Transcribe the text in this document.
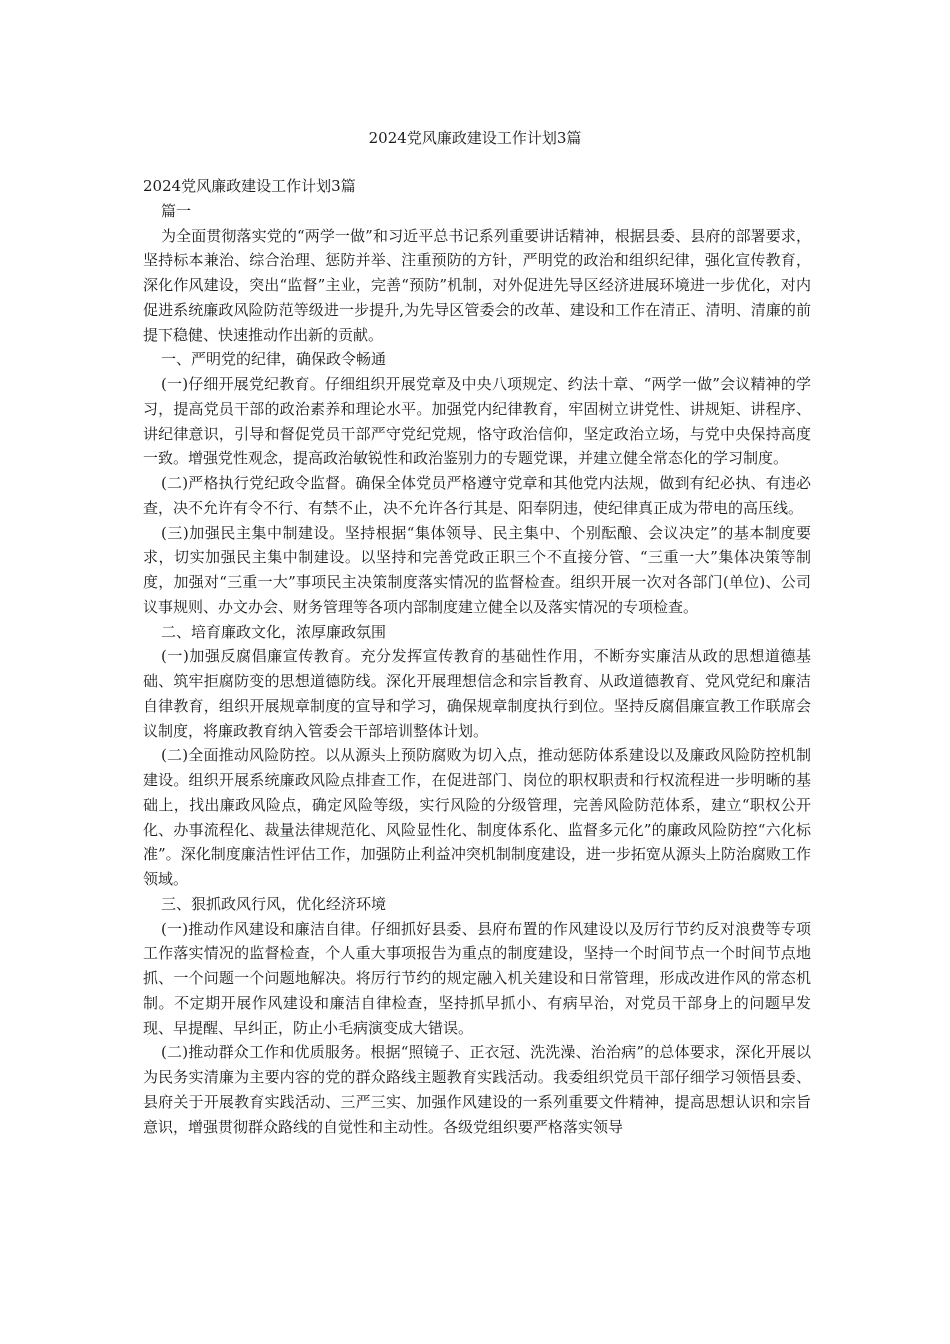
2024党风廉政建设工作计划3篇

2024党风廉政建设工作计划3篇

篇一

为全面贯彻落实党的“两学一做”和习近平总书记系列重要讲话精神，根据县委、县府的部署要求，坚持标本兼治、综合治理、惩防并举、注重预防的方针，严明党的政治和组织纪律，强化宣传教育，深化作风建设，突出“监督”主业，完善“预防”机制，对外促进先导区经济进展环境进一步优化，对内促进系统廉政风险防范等级进一步提升,为先导区管委会的改革、建设和工作在清正、清明、清廉的前提下稳健、快速推动作出新的贡献。

一、严明党的纪律，确保政令畅通

(一)仔细开展党纪教育。仔细组织开展党章及中央八项规定、约法十章、“两学一做”会议精神的学习，提高党员干部的政治素养和理论水平。加强党内纪律教育，牢固树立讲党性、讲规矩、讲程序、讲纪律意识，引导和督促党员干部严守党纪党规，恪守政治信仰，坚定政治立场，与党中央保持高度一致。增强党性观念，提高政治敏锐性和政治鉴别力的专题党课，并建立健全常态化的学习制度。

(二)严格执行党纪政令监督。确保全体党员严格遵守党章和其他党内法规，做到有纪必执、有违必查，决不允许有令不行、有禁不止，决不允许各行其是、阳奉阴违，使纪律真正成为带电的高压线。

(三)加强民主集中制建设。坚持根据“集体领导、民主集中、个别酝酿、会议决定”的基本制度要求，切实加强民主集中制建设。以坚持和完善党政正职三个不直接分管、“三重一大”集体决策等制度，加强对“三重一大”事项民主决策制度落实情况的监督检查。组织开展一次对各部门(单位)、公司议事规则、办文办会、财务管理等各项内部制度建立健全以及落实情况的专项检查。

二、培育廉政文化，浓厚廉政氛围

(一)加强反腐倡廉宣传教育。充分发挥宣传教育的基础性作用，不断夯实廉洁从政的思想道德基础、筑牢拒腐防变的思想道德防线。深化开展理想信念和宗旨教育、从政道德教育、党风党纪和廉洁自律教育，组织开展规章制度的宣导和学习，确保规章制度执行到位。坚持反腐倡廉宣教工作联席会议制度，将廉政教育纳入管委会干部培训整体计划。

(二)全面推动风险防控。以从源头上预防腐败为切入点，推动惩防体系建设以及廉政风险防控机制建设。组织开展系统廉政风险点排查工作，在促进部门、岗位的职权职责和行权流程进一步明晰的基础上，找出廉政风险点，确定风险等级，实行风险的分级管理，完善风险防范体系，建立“职权公开化、办事流程化、裁量法律规范化、风险显性化、制度体系化、监督多元化”的廉政风险防控“六化标准”。深化制度廉洁性评估工作，加强防止利益冲突机制制度建设，进一步拓宽从源头上防治腐败工作领域。

三、狠抓政风行风，优化经济环境

(一)推动作风建设和廉洁自律。仔细抓好县委、县府布置的作风建设以及厉行节约反对浪费等专项工作落实情况的监督检查，个人重大事项报告为重点的制度建设，坚持一个时间节点一个时间节点地抓、一个问题一个问题地解决。将厉行节约的规定融入机关建设和日常管理，形成改进作风的常态机制。不定期开展作风建设和廉洁自律检查，坚持抓早抓小、有病早治，对党员干部身上的问题早发现、早提醒、早纠正，防止小毛病演变成大错误。

(二)推动群众工作和优质服务。根据“照镜子、正衣冠、洗洗澡、治治病”的总体要求，深化开展以为民务实清廉为主要内容的党的群众路线主题教育实践活动。我委组织党员干部仔细学习领悟县委、县府关于开展教育实践活动、三严三实、加强作风建设的一系列重要文件精神，提高思想认识和宗旨意识，增强贯彻群众路线的自觉性和主动性。各级党组织要严格落实领导
